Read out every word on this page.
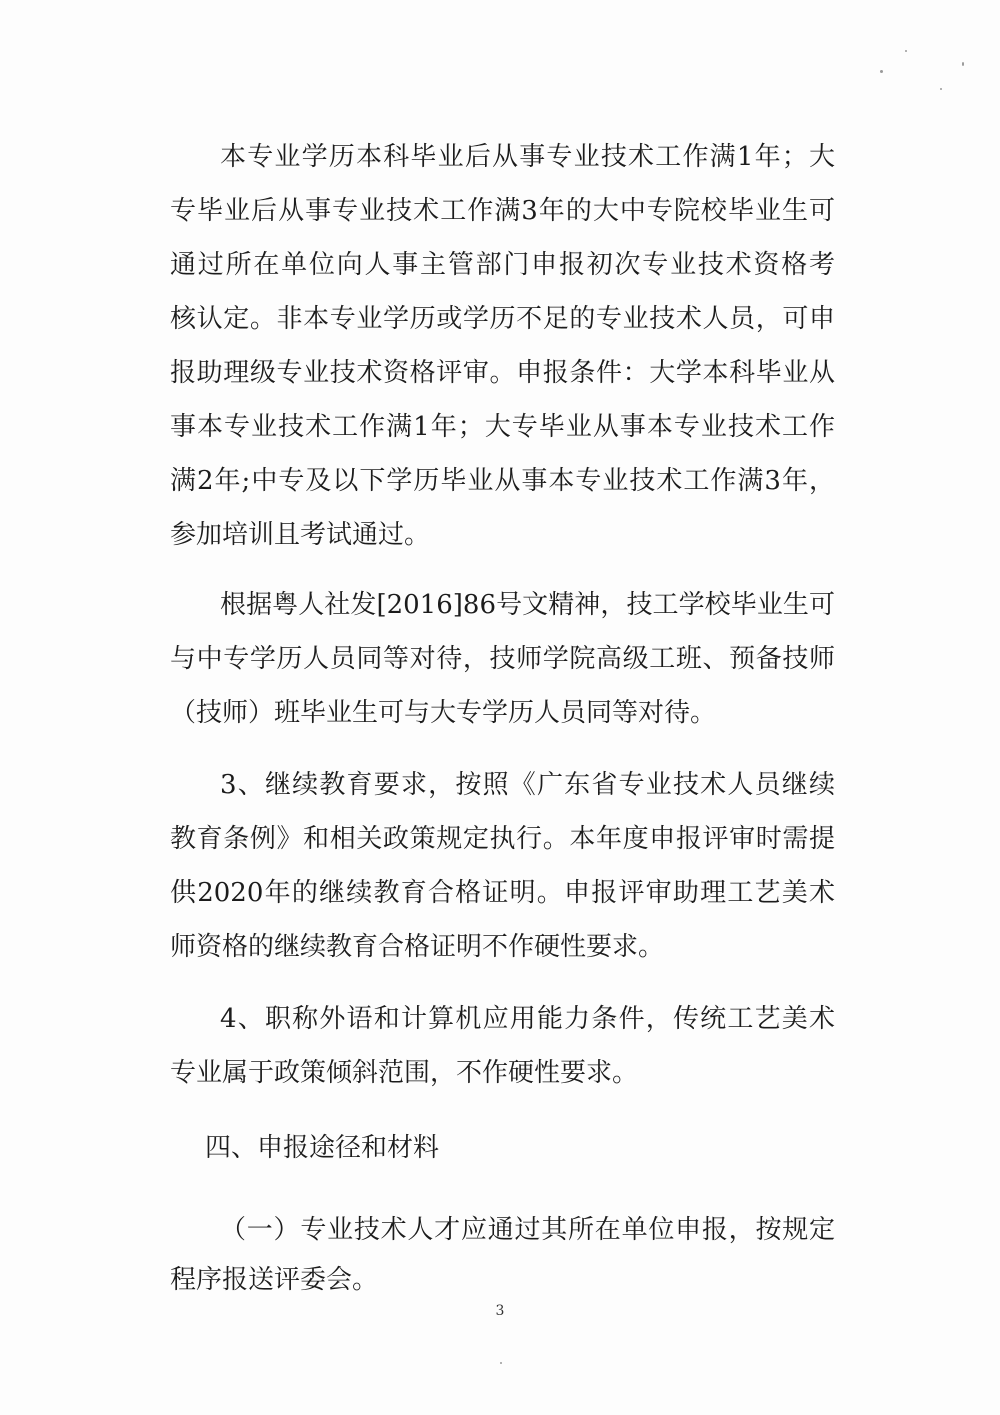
本专业学历本科毕业后从事专业技术工作满1年；大
专毕业后从事专业技术工作满3年的大中专院校毕业生可
通过所在单位向人事主管部门申报初次专业技术资格考
核认定。非本专业学历或学历不足的专业技术人员，可申
报助理级专业技术资格评审。申报条件：大学本科毕业从
事本专业技术工作满1年；大专毕业从事本专业技术工作
满2年;中专及以下学历毕业从事本专业技术工作满3年，
参加培训且考试通过。
根据粤人社发[2016]86号文精神，技工学校毕业生可
与中专学历人员同等对待，技师学院高级工班、预备技师
（技师）班毕业生可与大专学历人员同等对待。
3、继续教育要求，按照《广东省专业技术人员继续
教育条例》和相关政策规定执行。本年度申报评审时需提
供2020年的继续教育合格证明。申报评审助理工艺美术
师资格的继续教育合格证明不作硬性要求。
4、职称外语和计算机应用能力条件，传统工艺美术
专业属于政策倾斜范围，不作硬性要求。
四、申报途径和材料
（一）专业技术人才应通过其所在单位申报，按规定
程序报送评委会。
3
